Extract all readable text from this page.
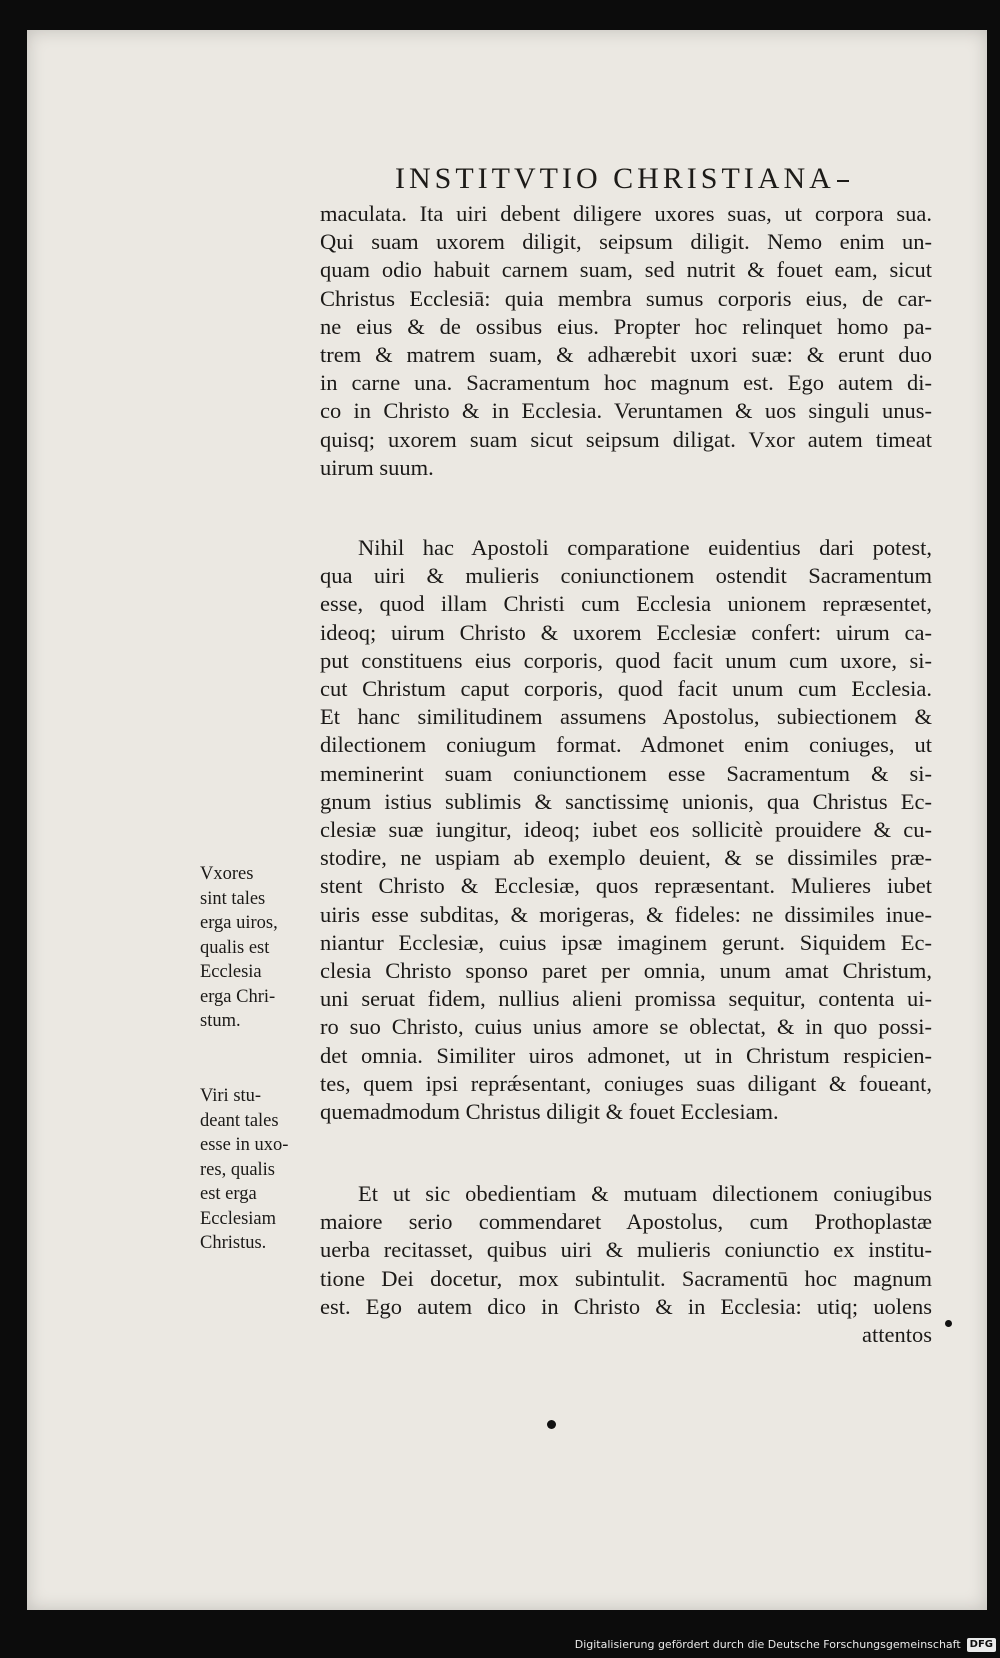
INSTITVTIO CHRISTIANA
maculata. Ita uiri debent diligere uxores suas, ut corpora sua.
Qui suam uxorem diligit, seipsum diligit. Nemo enim un-
quam odio habuit carnem suam, sed nutrit & fouet eam, sicut
Christus Ecclesiā: quia membra sumus corporis eius, de car-
ne eius & de ossibus eius. Propter hoc relinquet homo pa-
trem & matrem suam, & adhærebit uxori suæ: & erunt duo
in carne una. Sacramentum hoc magnum est. Ego autem di-
co in Christo & in Ecclesia. Veruntamen & uos singuli unus-
quisq; uxorem suam sicut seipsum diligat. Vxor autem timeat
uirum suum.
Nihil hac Apostoli comparatione euidentius dari potest,
qua uiri & mulieris coniunctionem ostendit Sacramentum
esse, quod illam Christi cum Ecclesia unionem repræsentet,
ideoq; uirum Christo & uxorem Ecclesiæ confert: uirum ca-
put constituens eius corporis, quod facit unum cum uxore, si-
cut Christum caput corporis, quod facit unum cum Ecclesia.
Et hanc similitudinem assumens Apostolus, subiectionem &
dilectionem coniugum format. Admonet enim coniuges, ut
meminerint suam coniunctionem esse Sacramentum & si-
gnum istius sublimis & sanctissimę unionis, qua Christus Ec-
clesiæ suæ iungitur, ideoq; iubet eos sollicitè prouidere & cu-
stodire, ne uspiam ab exemplo deuient, & se dissimiles præ-
stent Christo & Ecclesiæ, quos repræsentant. Mulieres iubet
uiris esse subditas, & morigeras, & fideles: ne dissimiles inue-
niantur Ecclesiæ, cuius ipsæ imaginem gerunt. Siquidem Ec-
clesia Christo sponso paret per omnia, unum amat Christum,
uni seruat fidem, nullius alieni promissa sequitur, contenta ui-
ro suo Christo, cuius unius amore se oblectat, & in quo possi-
det omnia. Similiter uiros admonet, ut in Christum respicien-
tes, quem ipsi reprǽsentant, coniuges suas diligant & foueant,
quemadmodum Christus diligit & fouet Ecclesiam.
Et ut sic obedientiam & mutuam dilectionem coniugibus
maiore serio commendaret Apostolus, cum Prothoplastæ
uerba recitasset, quibus uiri & mulieris coniunctio ex institu-
tione Dei docetur, mox subintulit. Sacramentū hoc magnum
est. Ego autem dico in Christo & in Ecclesia: utiq; uolens
attentos
Vxores
sint tales
erga uiros,
qualis est
Ecclesia
erga Chri-
stum.
Viri stu-
deant tales
esse in uxo-
res, qualis
est erga
Ecclesiam
Christus.
Digitalisierung gefördert durch die Deutsche Forschungsgemeinschaft DFG
